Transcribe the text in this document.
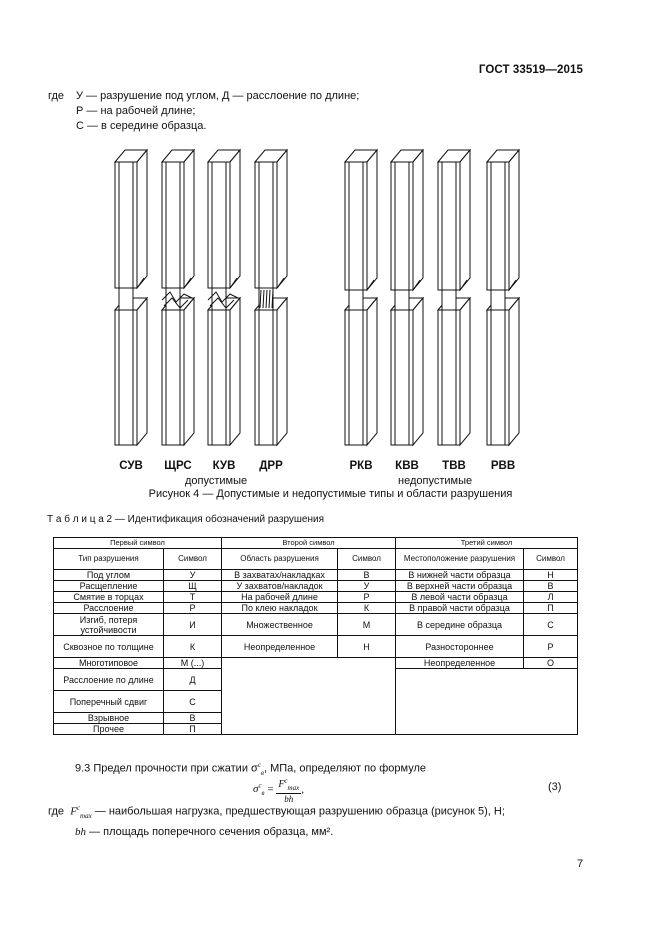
ГОСТ 33519—2015
где У — разрушение под углом, Д — расслоение по длине;
Р — на рабочей длине;
С — в середине образца.
СУВ	ЩРС	КУВ	ДРР	РКВ	КВВ	ТВВ	РВВ
допустимые	недопустимые
Рисунок 4 — Допустимые и недопустимые типы и области разрушения
Т а б л и ц а 2 — Идентификация обозначений разрушения
Первый символ		Второй символ		Третий символ	
Тип разрушения	Символ	Область разрушения	Символ	Местоположение разрушения	Символ
Под углом	У	В захватах/накладках	В	В нижней части образца	Н
Расщепление	Щ	У захватов/накладок	У	В верхней части образца	В
Смятие в торцах	Т	На рабочей длине	Р	В левой части образца	Л
Расслоение	Р	По клею накладок	К	В правой части образца	П
Изгиб, потеря устойчивости	И	Множественное	М	В середине образца	С
Сквозное по толщине	К	Неопределенное	Н	Разностороннее	Р
Многотиповое	М (...)			Неопределенное	О
Расслоение по длине	Д				
Поперечный сдвиг	С				
Взрывное	В				
Прочее	П				
9.3 Предел прочности при сжатии $\sigma^c_в$, МПа, определяют по формуле
$\sigma^c_в = \frac{F^c_{max}}{bh}$ ,	(3)
где $F^c_{max}$ — наибольшая нагрузка, предшествующая разрушению образца (рисунок 5), Н;
bh — площадь поперечного сечения образца, мм².
7
